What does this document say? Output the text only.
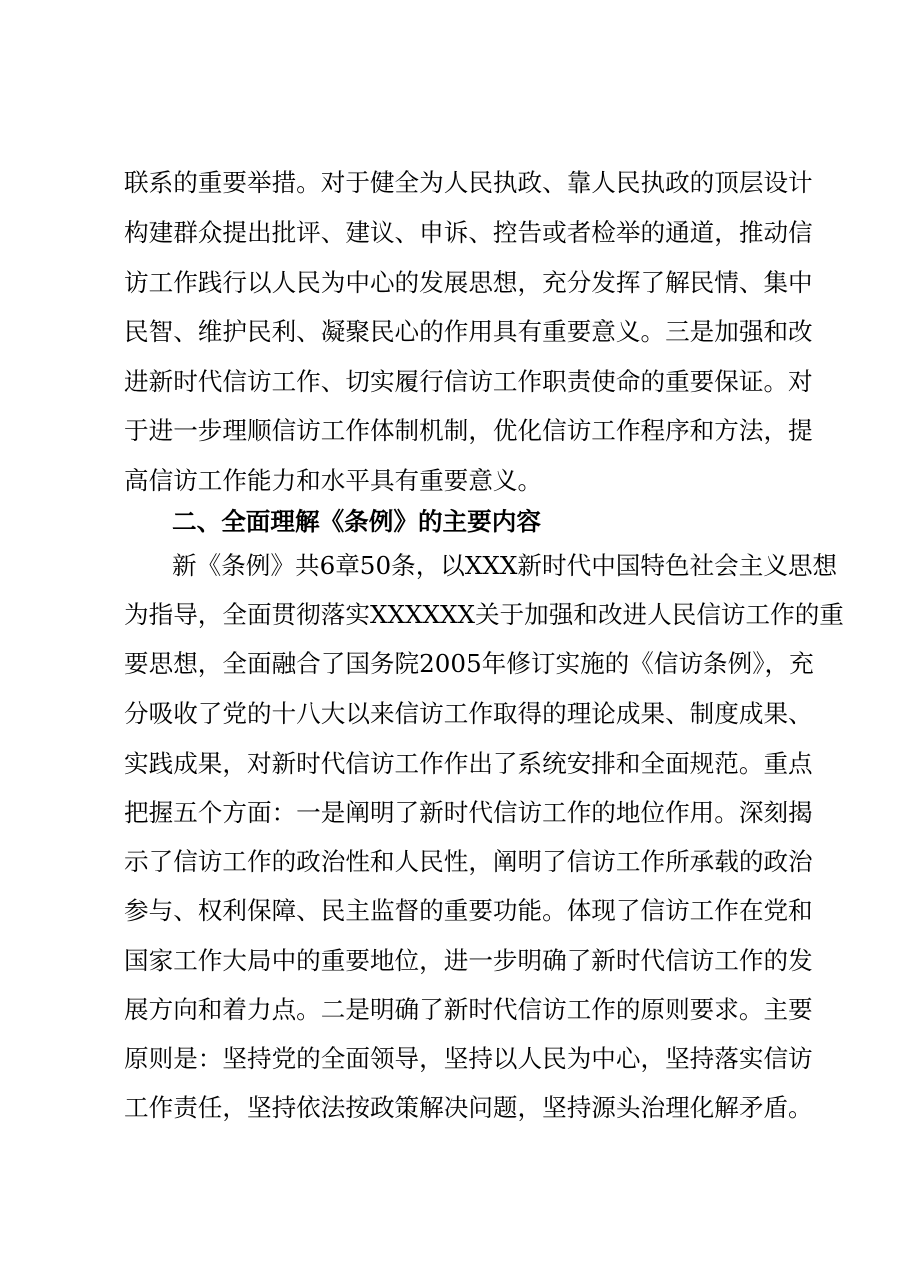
联系的重要举措。对于健全为人民执政、靠人民执政的顶层设计
构建群众提出批评、建议、申诉、控告或者检举的通道，推动信
访工作践行以人民为中心的发展思想，充分发挥了解民情、集中
民智、维护民利、凝聚民心的作用具有重要意义。三是加强和改
进新时代信访工作、切实履行信访工作职责使命的重要保证。对
于进一步理顺信访工作体制机制，优化信访工作程序和方法，提
高信访工作能力和水平具有重要意义。
二、全面理解《条例》的主要内容
新《条例》共6章50条，以XXX新时代中国特色社会主义思想
为指导，全面贯彻落实XXXXXX关于加强和改进人民信访工作的重
要思想，全面融合了国务院2005年修订实施的《信访条例》，充
分吸收了党的十八大以来信访工作取得的理论成果、制度成果、
实践成果，对新时代信访工作作出了系统安排和全面规范。重点
把握五个方面：一是阐明了新时代信访工作的地位作用。深刻揭
示了信访工作的政治性和人民性，阐明了信访工作所承载的政治
参与、权利保障、民主监督的重要功能。体现了信访工作在党和
国家工作大局中的重要地位，进一步明确了新时代信访工作的发
展方向和着力点。二是明确了新时代信访工作的原则要求。主要
原则是：坚持党的全面领导，坚持以人民为中心，坚持落实信访
工作责任，坚持依法按政策解决问题，坚持源头治理化解矛盾。
